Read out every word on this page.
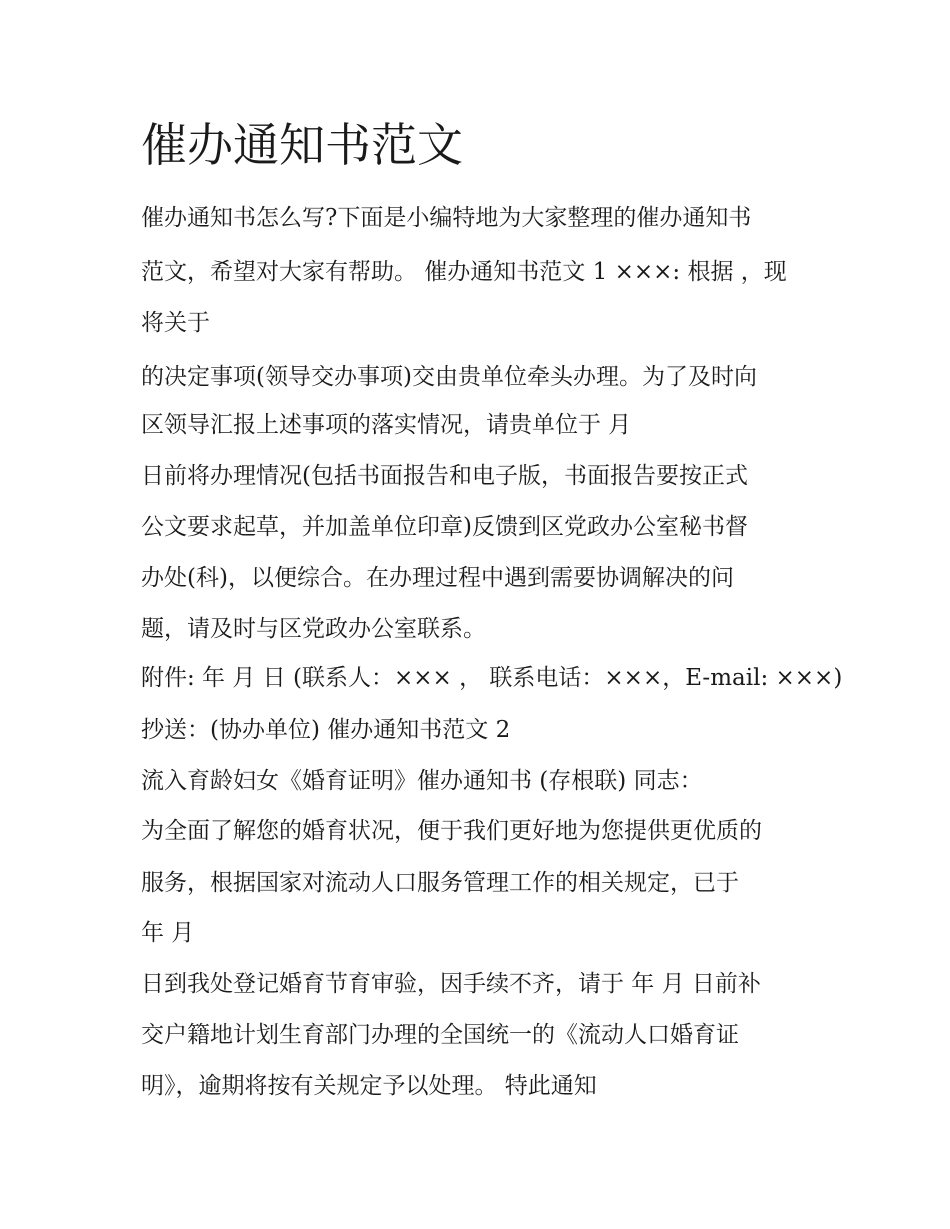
催办通知书范文

催办通知书怎么写?下面是小编特地为大家整理的催办通知书

范文，希望对大家有帮助。 催办通知书范文 1 ×××: 根据 ，现

将关于

的决定事项(领导交办事项)交由贵单位牵头办理。为了及时向

区领导汇报上述事项的落实情况，请贵单位于 月

日前将办理情况(包括书面报告和电子版，书面报告要按正式

公文要求起草，并加盖单位印章)反馈到区党政办公室秘书督

办处(科)，以便综合。在办理过程中遇到需要协调解决的问

题，请及时与区党政办公室联系。

附件: 年 月 日 (联系人：××× ， 联系电话：×××，E-mail: ×××)

抄送：(协办单位) 催办通知书范文 2

流入育龄妇女《婚育证明》催办通知书 (存根联) 同志：

为全面了解您的婚育状况，便于我们更好地为您提供更优质的

服务，根据国家对流动人口服务管理工作的相关规定，已于

年 月

日到我处登记婚育节育审验，因手续不齐，请于 年 月 日前补

交户籍地计划生育部门办理的全国统一的《流动人口婚育证

明》，逾期将按有关规定予以处理。 特此通知
